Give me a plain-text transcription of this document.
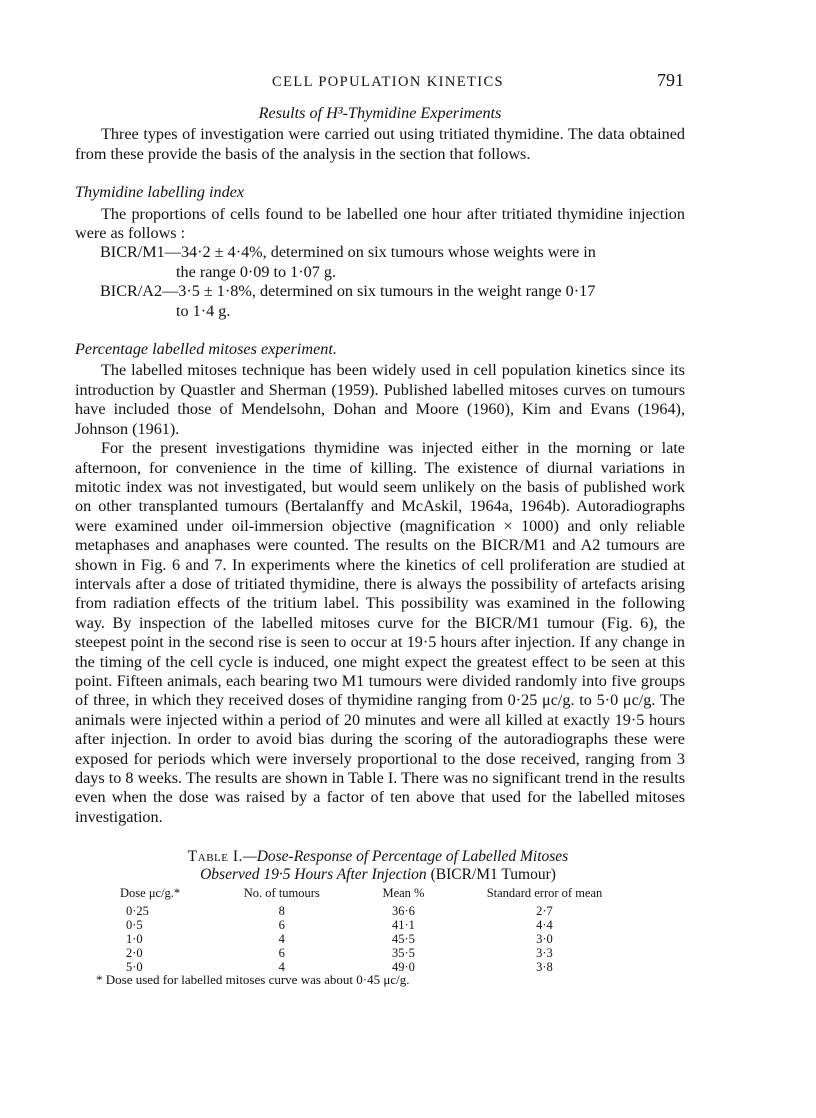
CELL POPULATION KINETICS	791

Results of H³-Thymidine Experiments

Three types of investigation were carried out using tritiated thymidine. The data obtained from these provide the basis of the analysis in the section that follows.

Thymidine labelling index

The proportions of cells found to be labelled one hour after tritiated thymidine injection were as follows :

BICR/M1—34·2 ± 4·4%, determined on six tumours whose weights were in
the range 0·09 to 1·07 g.

BICR/A2—3·5 ± 1·8%, determined on six tumours in the weight range 0·17
to 1·4 g.

Percentage labelled mitoses experiment.

The labelled mitoses technique has been widely used in cell population kinetics since its introduction by Quastler and Sherman (1959). Published labelled mitoses curves on tumours have included those of Mendelsohn, Dohan and Moore (1960), Kim and Evans (1964), Johnson (1961).

For the present investigations thymidine was injected either in the morning or late afternoon, for convenience in the time of killing. The existence of diurnal variations in mitotic index was not investigated, but would seem unlikely on the basis of published work on other transplanted tumours (Bertalanffy and McAskil, 1964a, 1964b). Autoradiographs were examined under oil-immersion objective (magnification × 1000) and only reliable metaphases and anaphases were counted. The results on the BICR/M1 and A2 tumours are shown in Fig. 6 and 7. In experiments where the kinetics of cell proliferation are studied at intervals after a dose of tritiated thymidine, there is always the possibility of artefacts arising from radiation effects of the tritium label. This possibility was examined in the following way. By inspection of the labelled mitoses curve for the BICR/M1 tumour (Fig. 6), the steepest point in the second rise is seen to occur at 19·5 hours after injection. If any change in the timing of the cell cycle is induced, one might expect the greatest effect to be seen at this point. Fifteen animals, each bearing two M1 tumours were divided randomly into five groups of three, in which they received doses of thymidine ranging from 0·25 μc/g. to 5·0 μc/g. The animals were injected within a period of 20 minutes and were all killed at exactly 19·5 hours after injection. In order to avoid bias during the scoring of the autoradiographs these were exposed for periods which were inversely proportional to the dose received, ranging from 3 days to 8 weeks. The results are shown in Table I. There was no significant trend in the results even when the dose was raised by a factor of ten above that used for the labelled mitoses investigation.

Table I.—Dose-Response of Percentage of Labelled Mitoses
Observed 19·5 Hours After Injection (BICR/M1 Tumour)
Dose μc/g.*	No. of tumours	Mean %	Standard error of mean
0·25	8	36·6	2·7
0·5	6	41·1	4·4
1·0	4	45·5	3·0
2·0	6	35·5	3·3
5·0	4	49·0	3·8
* Dose used for labelled mitoses curve was about 0·45 μc/g.
